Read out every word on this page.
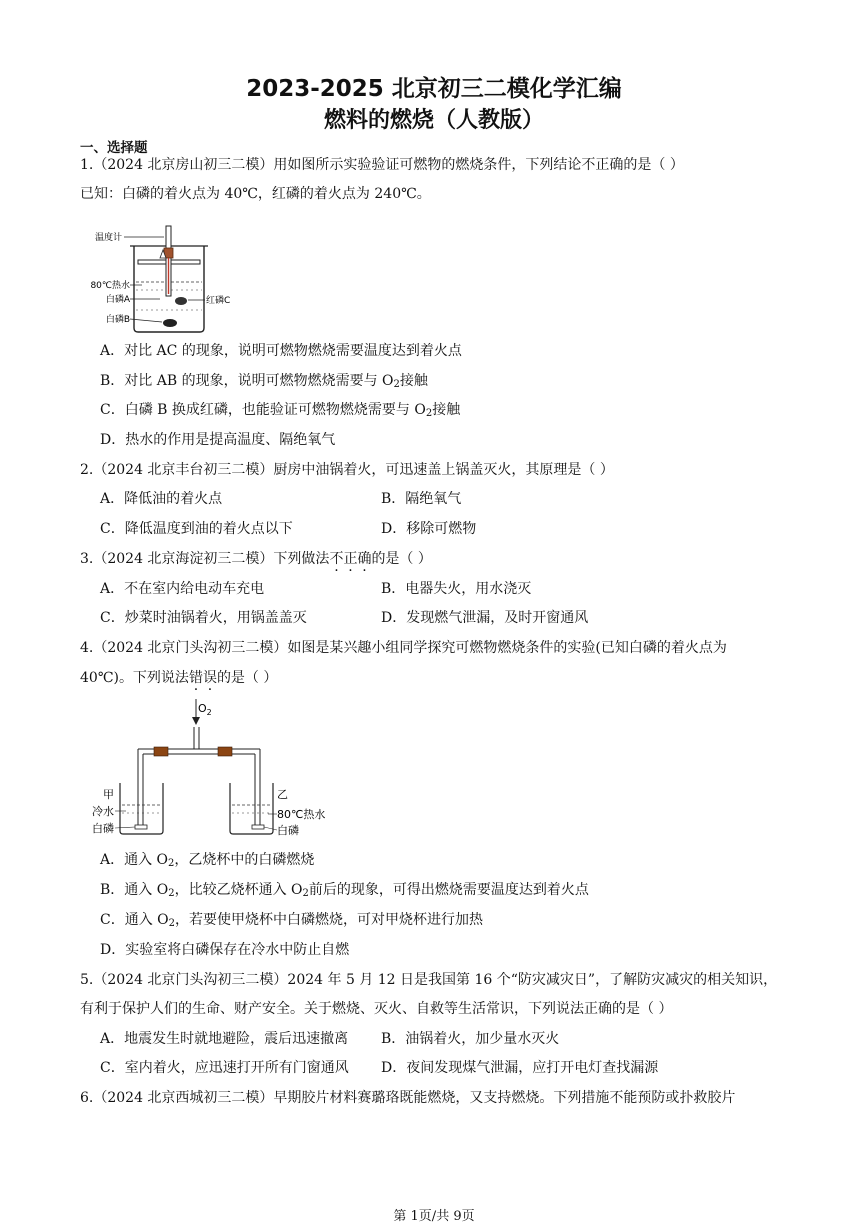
2023-2025 北京初三二模化学汇编
燃料的燃烧（人教版）
一、选择题
1.（2024 北京房山初三二模）用如图所示实验验证可燃物的燃烧条件，下列结论不正确的是（ ）
已知：白磷的着火点为 40℃，红磷的着火点为 240℃。
温度计
80℃热水
白磷A	红磷C
白磷B
A．对比 AC 的现象，说明可燃物燃烧需要温度达到着火点
B．对比 AB 的现象，说明可燃物燃烧需要与 $O_2$接触
C．白磷 B 换成红磷，也能验证可燃物燃烧需要与 $O_2$接触
D．热水的作用是提高温度、隔绝氧气
2.（2024 北京丰台初三二模）厨房中油锅着火，可迅速盖上锅盖灭火，其原理是（ ）
A．降低油的着火点	B．隔绝氧气
C．降低温度到油的着火点以下	D．移除可燃物
3.（2024 北京海淀初三二模）下列做法不正确的是（ ）
A．不在室内给电动车充电	B．电器失火，用水浇灭
C．炒菜时油锅着火，用锅盖盖灭	D．发现燃气泄漏，及时开窗通风
4.（2024 北京门头沟初三二模）如图是某兴趣小组同学探究可燃物燃烧条件的实验(已知白磷的着火点为
40℃)。下列说法错误的是（ ）
$O_2$
甲
冷水
白磷
乙
80℃热水
白磷
A．通入 $O_2$，乙烧杯中的白磷燃烧
B．通入 $O_2$，比较乙烧杯通入 $O_2$前后的现象，可得出燃烧需要温度达到着火点
C．通入 $O_2$，若要使甲烧杯中白磷燃烧，可对甲烧杯进行加热
D．实验室将白磷保存在冷水中防止自燃
5.（2024 北京门头沟初三二模）2024 年 5 月 12 日是我国第 16 个“防灾减灾日”，了解防灾减灾的相关知识，
有利于保护人们的生命、财产安全。关于燃烧、灭火、自救等生活常识，下列说法正确的是（ ）
A．地震发生时就地避险，震后迅速撤离 B．油锅着火，加少量水灭火
C．室内着火，应迅速打开所有门窗通风 D．夜间发现煤气泄漏，应打开电灯查找漏源
6.（2024 北京西城初三二模）早期胶片材料赛璐珞既能燃烧，又支持燃烧。下列措施不能预防或扑救胶片
第 1页/共 9页
